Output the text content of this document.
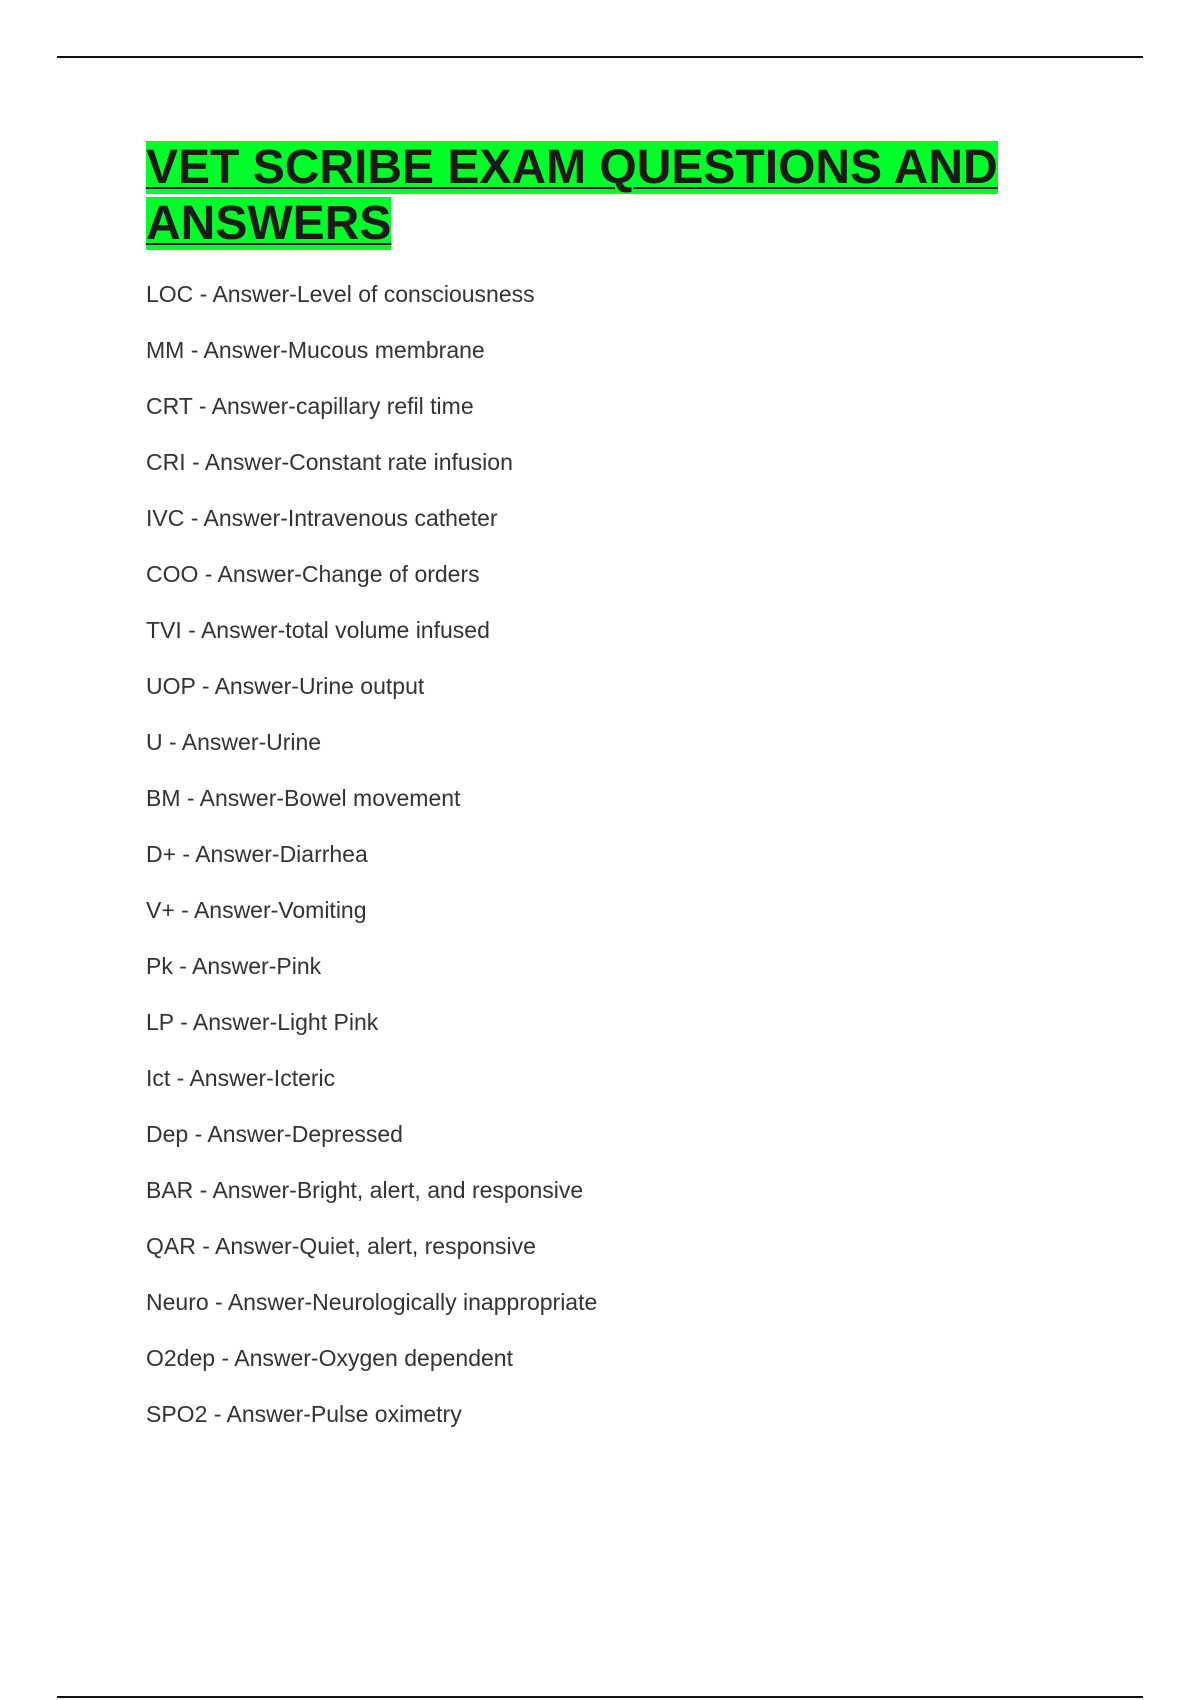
VET SCRIBE EXAM QUESTIONS AND ANSWERS
LOC - Answer-Level of consciousness
MM - Answer-Mucous membrane
CRT - Answer-capillary refil time
CRI - Answer-Constant rate infusion
IVC - Answer-Intravenous catheter
COO - Answer-Change of orders
TVI - Answer-total volume infused
UOP - Answer-Urine output
U - Answer-Urine
BM - Answer-Bowel movement
D+ - Answer-Diarrhea
V+ - Answer-Vomiting
Pk - Answer-Pink
LP - Answer-Light Pink
Ict - Answer-Icteric
Dep - Answer-Depressed
BAR - Answer-Bright, alert, and responsive
QAR - Answer-Quiet, alert, responsive
Neuro - Answer-Neurologically inappropriate
O2dep - Answer-Oxygen dependent
SPO2 - Answer-Pulse oximetry
